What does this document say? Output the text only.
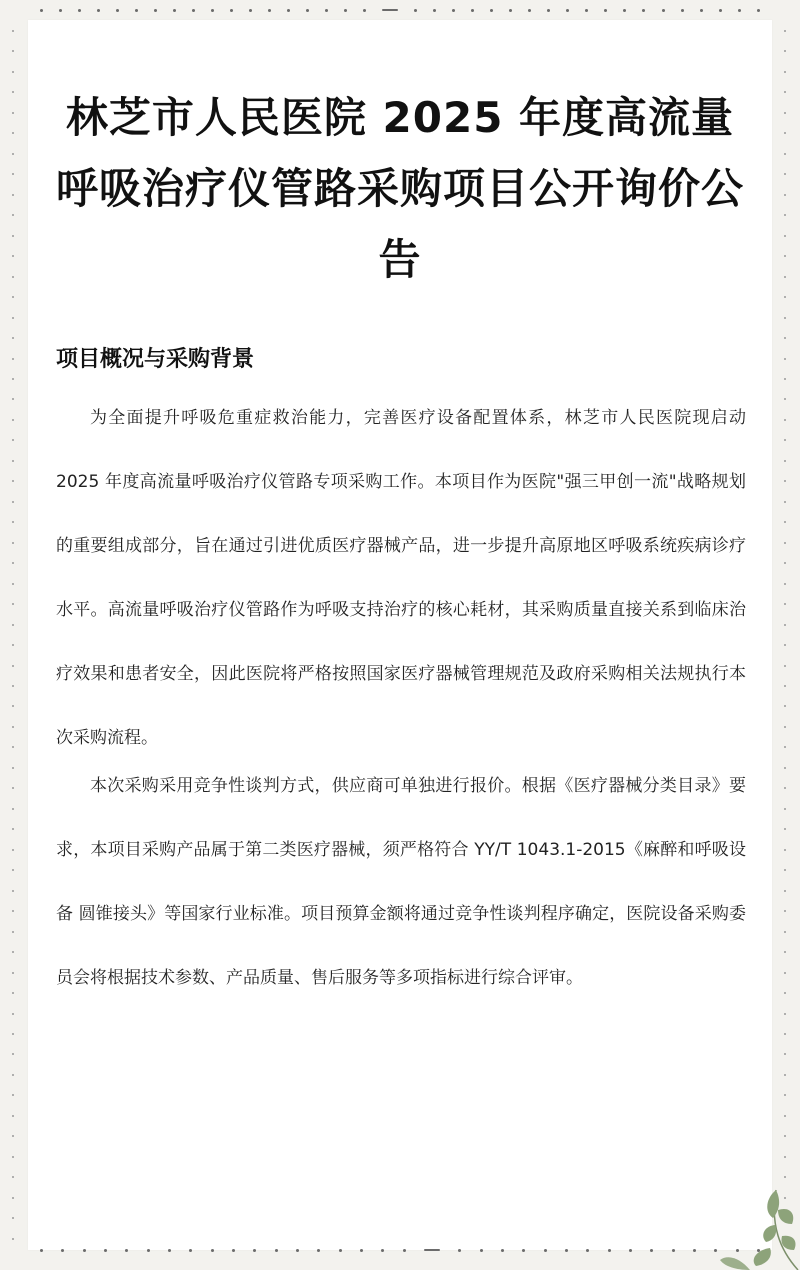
林芝市人民医院 2025 年度高流量呼吸治疗仪管路采购项目公开询价公告
项目概况与采购背景

为全面提升呼吸危重症救治能力，完善医疗设备配置体系，林芝市人民医院现启动 2025 年度高流量呼吸治疗仪管路专项采购工作。本项目作为医院"强三甲创一流"战略规划的重要组成部分，旨在通过引进优质医疗器械产品，进一步提升高原地区呼吸系统疾病诊疗水平。高流量呼吸治疗仪管路作为呼吸支持治疗的核心耗材，其采购质量直接关系到临床治疗效果和患者安全，因此医院将严格按照国家医疗器械管理规范及政府采购相关法规执行本次采购流程。

本次采购采用竞争性谈判方式，供应商可单独进行报价。根据《医疗器械分类目录》要求，本项目采购产品属于第二类医疗器械，须严格符合 YY/T 1043.1-2015《麻醉和呼吸设备 圆锥接头》等国家行业标准。项目预算金额将通过竞争性谈判程序确定，医院设备采购委员会将根据技术参数、产品质量、售后服务等多项指标进行综合评审。
